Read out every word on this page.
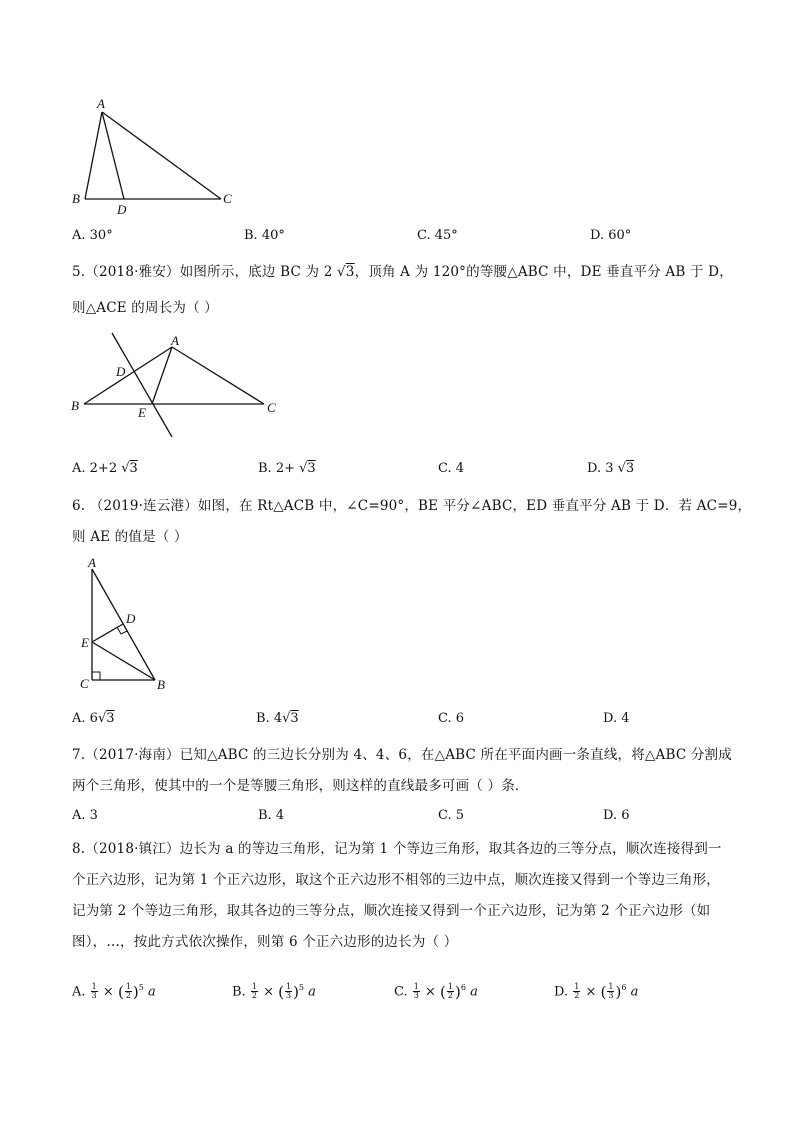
A
B	C
D
A. 30°	B. 40°	C. 45°	D. 60°
5.（2018·雅安）如图所示，底边 BC 为 2 √3，顶角 A 为 120°的等腰△ABC 中，DE 垂直平分 AB 于 D，
则△ACE 的周长为（ ）
A
B	C
D
E
A. 2+2 √3	B. 2+ √3	C. 4	D. 3 √3
6. （2019·连云港）如图，在 Rt△ACB 中，∠C=90°，BE 平分∠ABC，ED 垂直平分 AB 于 D．若 AC=9，
则 AE 的值是（ ）
A
D
E
C	B
A. 6√3	B. 4√3	C. 6	D. 4
7.（2017·海南）已知△ABC 的三边长分别为 4、4、6，在△ABC 所在平面内画一条直线，将△ABC 分割成
两个三角形，使其中的一个是等腰三角形，则这样的直线最多可画（ ）条．
A. 3	B. 4	C. 5	D. 6
8.（2018·镇江）边长为 a 的等边三角形，记为第 1 个等边三角形，取其各边的三等分点，顺次连接得到一
个正六边形，记为第 1 个正六边形，取这个正六边形不相邻的三边中点，顺次连接又得到一个等边三角形，
记为第 2 个等边三角形，取其各边的三等分点，顺次连接又得到一个正六边形，记为第 2 个正六边形（如
图），…，按此方式依次操作，则第 6 个正六边形的边长为（ ）
A. $\frac{1}{3}$ × ( $\frac{1}{2} )^5$ a	B. $\frac{1}{2}$ × ( $\frac{1}{3} )^5$ a	C. $\frac{1}{3}$ × ( $\frac{1}{2} )^6$ a	D. $\frac{1}{2}$ × ( $\frac{1}{3} )^6$ a
